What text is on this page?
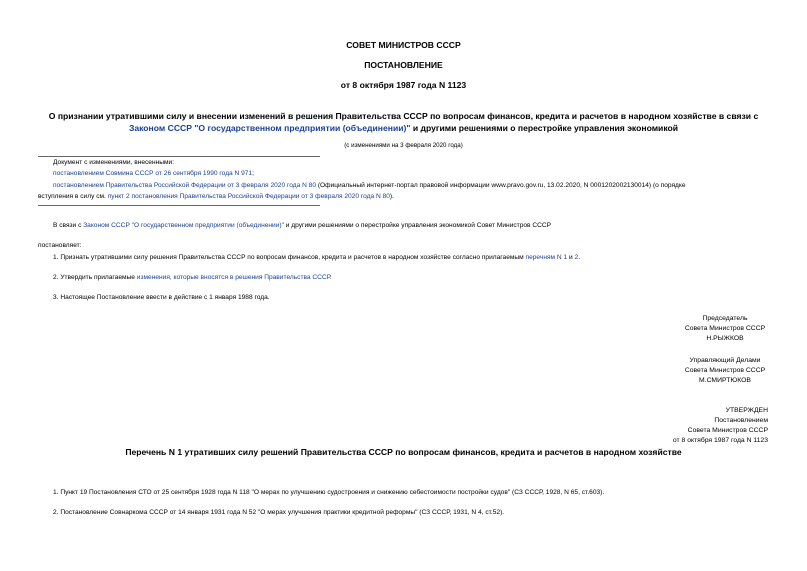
СОВЕТ МИНИСТРОВ СССР
ПОСТАНОВЛЕНИЕ
от 8 октября 1987 года N 1123
О признании утратившими силу и внесении изменений в решения Правительства СССР по вопросам финансов, кредита и расчетов в народном хозяйстве в связи с
Законом СССР "О государственном предприятии (объединении)" и другими решениями о перестройке управления экономикой
(с изменениями на 3 февраля 2020 года)
Документ с изменениями, внесенными:
постановлением Совмина СССР от 26 сентября 1990 года N 971;
постановлением Правительства Российской Федерации от 3 февраля 2020 года N 80 (Официальный интернет-портал правовой информации www.pravo.gov.ru, 13.02.2020, N 0001202002130014) (о порядке
вступления в силу см. пункт 2 постановления Правительства Российской Федерации от 3 февраля 2020 года N 80).
В связи с Законом СССР "О государственном предприятии (объединении)" и другими решениями о перестройке управления экономикой Совет Министров СССР
постановляет:
1. Признать утратившими силу решения Правительства СССР по вопросам финансов, кредита и расчетов в народном хозяйстве согласно прилагаемым перечням N 1 и 2.
2. Утвердить прилагаемые изменения, которые вносятся в решения Правительства СССР.
3. Настоящее Постановление ввести в действие с 1 января 1988 года.
Председатель
Совета Министров СССР
Н.РЫЖКОВ
Управляющий Делами
Совета Министров СССР
М.СМИРТЮКОВ
УТВЕРЖДЕН
Постановлением
Совета Министров СССР
от 8 октября 1987 года N 1123
Перечень N 1 утративших силу решений Правительства СССР по вопросам финансов, кредита и расчетов в народном хозяйстве
1. Пункт 19 Постановления СТО от 25 сентября 1928 года N 118 "О мерах по улучшению судостроения и снижению себестоимости постройки судов" (СЗ СССР, 1928, N 65, ст.603).
2. Постановление Совнаркома СССР от 14 января 1931 года N 52 "О мерах улучшения практики кредитной реформы" (СЗ СССР, 1931, N 4, ст.52).
